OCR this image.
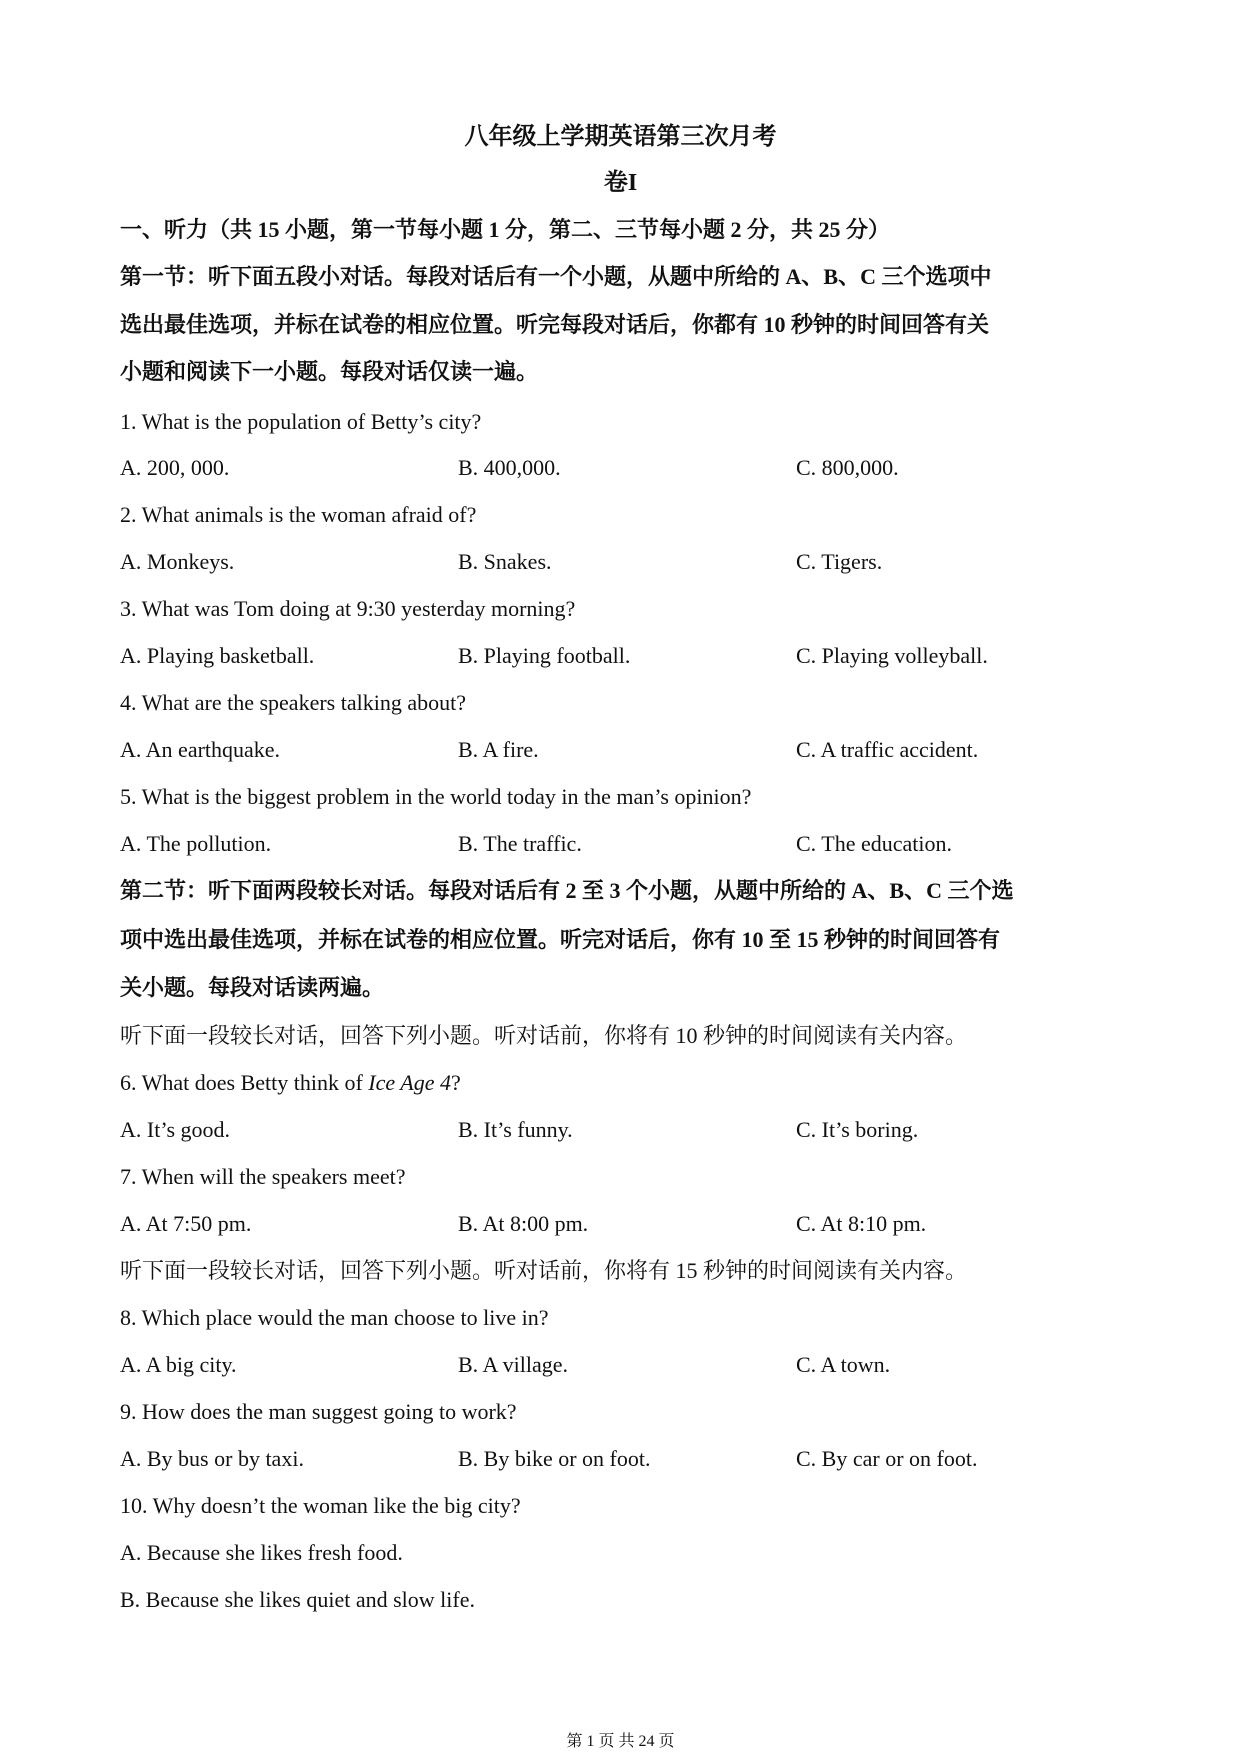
八年级上学期英语第三次月考
卷I
一、听力（共 15 小题，第一节每小题 1 分，第二、三节每小题 2 分，共 25 分）
第一节：听下面五段小对话。每段对话后有一个小题，从题中所给的 A、B、C 三个选项中
选出最佳选项，并标在试卷的相应位置。听完每段对话后，你都有 10 秒钟的时间回答有关
小题和阅读下一小题。每段对话仅读一遍。
1. What is the population of Betty’s city?
A. 200, 000.	B. 400,000.	C. 800,000.
2. What animals is the woman afraid of?
A. Monkeys.	B. Snakes.	C. Tigers.
3. What was Tom doing at 9:30 yesterday morning?
A. Playing basketball.	B. Playing football.	C. Playing volleyball.
4. What are the speakers talking about?
A. An earthquake.	B. A fire.	C. A traffic accident.
5. What is the biggest problem in the world today in the man’s opinion?
A. The pollution.	B. The traffic.	C. The education.
第二节：听下面两段较长对话。每段对话后有 2 至 3 个小题，从题中所给的 A、B、C 三个选
项中选出最佳选项，并标在试卷的相应位置。听完对话后，你有 10 至 15 秒钟的时间回答有
关小题。每段对话读两遍。
听下面一段较长对话，回答下列小题。听对话前，你将有 10 秒钟的时间阅读有关内容。
6. What does Betty think of Ice Age 4?
A. It’s good.	B. It’s funny.	C. It’s boring.
7. When will the speakers meet?
A. At 7:50 pm.	B. At 8:00 pm.	C. At 8:10 pm.
听下面一段较长对话，回答下列小题。听对话前，你将有 15 秒钟的时间阅读有关内容。
8. Which place would the man choose to live in?
A. A big city.	B. A village.	C. A town.
9. How does the man suggest going to work?
A. By bus or by taxi.	B. By bike or on foot.	C. By car or on foot.
10. Why doesn’t the woman like the big city?
A. Because she likes fresh food.
B. Because she likes quiet and slow life.
第 1 页 共 24 页
